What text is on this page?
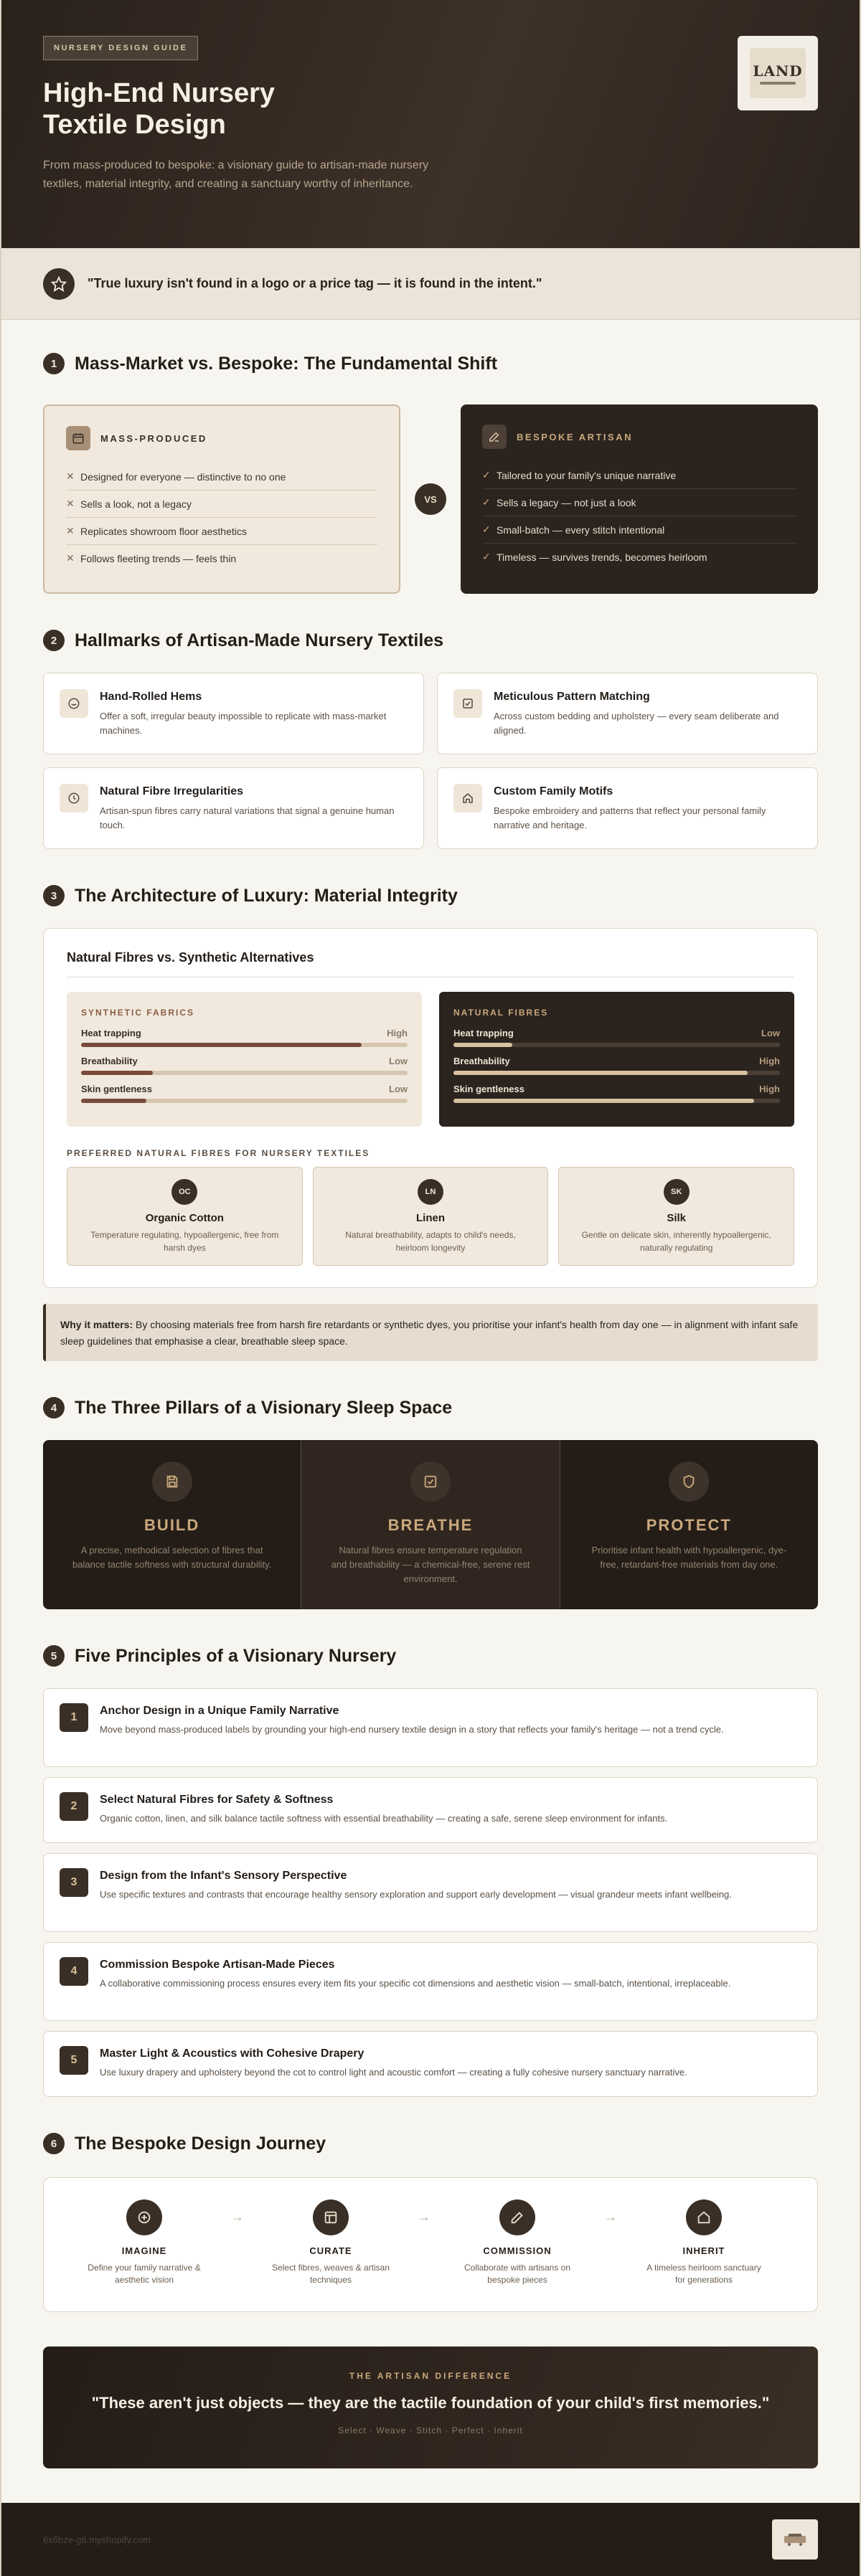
NURSERY DESIGN GUIDE
High-End Nursery
Textile Design

From mass-produced to bespoke: a visionary guide to artisan-made nursery textiles, material integrity, and creating a sanctuary worthy of inheritance.

LAND
"True luxury isn't found in a logo or a price tag — it is found in the intent."
1 Mass-Market vs. Bespoke: The Fundamental Shift
MASS-PRODUCED
✕ Designed for everyone — distinctive to no one
✕ Sells a look, not a legacy
✕ Replicates showroom floor aesthetics
✕ Follows fleeting trends — feels thin
VS
BESPOKE ARTISAN
✓ Tailored to your family's unique narrative
✓ Sells a legacy — not just a look
✓ Small-batch — every stitch intentional
✓ Timeless — survives trends, becomes heirloom
2 Hallmarks of Artisan-Made Nursery Textiles
Hand-Rolled Hems

Offer a soft, irregular beauty impossible to replicate with mass-market machines.

Meticulous Pattern Matching

Across custom bedding and upholstery — every seam deliberate and aligned.

Natural Fibre Irregularities

Artisan-spun fibres carry natural variations that signal a genuine human touch.

Custom Family Motifs

Bespoke embroidery and patterns that reflect your personal family narrative and heritage.

3 The Architecture of Luxury: Material Integrity
Natural Fibres vs. Synthetic Alternatives
SYNTHETIC FABRICS
Heat trapping	High
Breathability	Low
Skin gentleness	Low
NATURAL FIBRES
Heat trapping	Low
Breathability	High
Skin gentleness	High
PREFERRED NATURAL FIBRES FOR NURSERY TEXTILES
OC
Organic Cotton

Temperature regulating, hypoallergenic, free from harsh dyes

LN
Linen

Natural breathability, adapts to child's needs, heirloom longevity

SK
Silk

Gentle on delicate skin, inherently hypoallergenic, naturally regulating

Why it matters: By choosing materials free from harsh fire retardants or synthetic dyes, you prioritise your infant's health from day one — in alignment with infant safe sleep guidelines that emphasise a clear, breathable sleep space.
4 The Three Pillars of a Visionary Sleep Space
BUILD

A precise, methodical selection of fibres that balance tactile softness with structural durability.

BREATHE

Natural fibres ensure temperature regulation and breathability — a chemical-free, serene rest environment.

PROTECT

Prioritise infant health with hypoallergenic, dye-free, retardant-free materials from day one.

5 Five Principles of a Visionary Nursery
1
Anchor Design in a Unique Family Narrative

Move beyond mass-produced labels by grounding your high-end nursery textile design in a story that reflects your family's heritage — not a trend cycle.

2
Select Natural Fibres for Safety & Softness

Organic cotton, linen, and silk balance tactile softness with essential breathability — creating a safe, serene sleep environment for infants.

3
Design from the Infant's Sensory Perspective

Use specific textures and contrasts that encourage healthy sensory exploration and support early development — visual grandeur meets infant wellbeing.

4
Commission Bespoke Artisan-Made Pieces

A collaborative commissioning process ensures every item fits your specific cot dimensions and aesthetic vision — small-batch, intentional, irreplaceable.

5
Master Light & Acoustics with Cohesive Drapery

Use luxury drapery and upholstery beyond the cot to control light and acoustic comfort — creating a fully cohesive nursery sanctuary narrative.

6 The Bespoke Design Journey
IMAGINE

Define your family narrative & aesthetic vision

→
CURATE

Select fibres, weaves & artisan techniques

→
COMMISSION

Collaborate with artisans on bespoke pieces

→
INHERIT

A timeless heirloom sanctuary for generations

THE ARTISAN DIFFERENCE
"These aren't just objects — they are the tactile foundation of your child's first memories."
Select · Weave · Stitch · Perfect · Inherit
6x6bze-g6.myshopify.com
